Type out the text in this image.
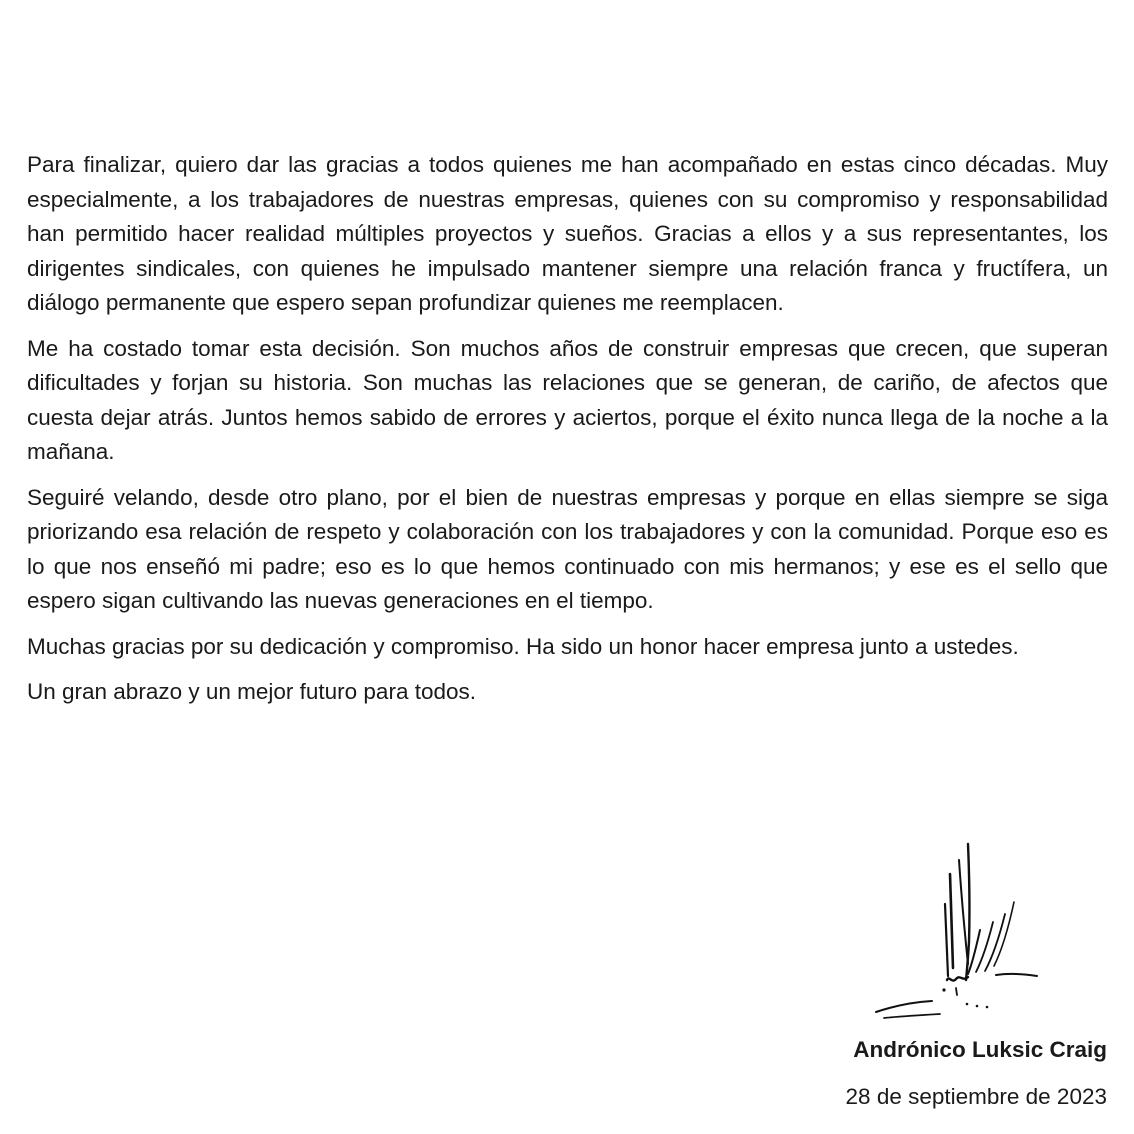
Para finalizar, quiero dar las gracias a todos quienes me han acompañado en estas cinco décadas. Muy especialmente, a los trabajadores de nuestras empresas, quienes con su compromiso y responsabilidad han permitido hacer realidad múltiples proyectos y sueños. Gracias a ellos y a sus representantes, los dirigentes sindicales, con quienes he impulsado mantener siempre una relación franca y fructífera, un diálogo permanente que espero sepan profundizar quienes me reemplacen.

Me ha costado tomar esta decisión. Son muchos años de construir empresas que crecen, que superan dificultades y forjan su historia. Son muchas las relaciones que se generan, de cariño, de afectos que cuesta dejar atrás. Juntos hemos sabido de errores y aciertos, porque el éxito nunca llega de la noche a la mañana.

Seguiré velando, desde otro plano, por el bien de nuestras empresas y porque en ellas siempre se siga priorizando esa relación de respeto y colaboración con los trabajadores y con la comunidad. Porque eso es lo que nos enseñó mi padre; eso es lo que hemos continuado con mis hermanos; y ese es el sello que espero sigan cultivando las nuevas generaciones en el tiempo.

Muchas gracias por su dedicación y compromiso. Ha sido un honor hacer empresa junto a ustedes.

Un gran abrazo y un mejor futuro para todos.

Andrónico Luksic Craig
28 de septiembre de 2023
